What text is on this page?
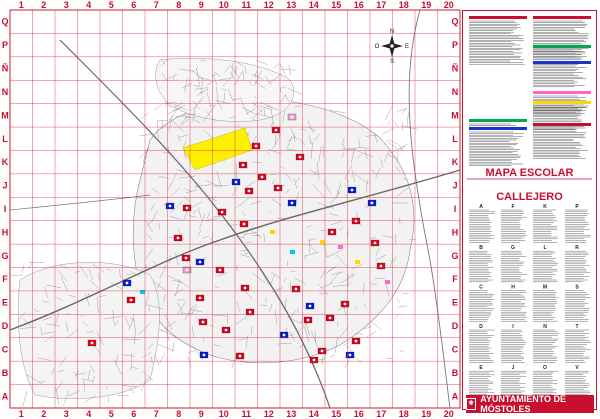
1
1
2
2
3
3
4
4
5
5
6
6
7
7
8
8
9
9
10
10
11
11
12
12
13
13
14
14
15
15
16
16
17
17
18
18
19
19
20
20
Q	Q
P	P
Ñ	Ñ
N	N
M	M
L	L
K	K
J	J
I	I
H	H
G	G
F	F
E	E
D	D
C	C
B	B
A	A
N
S
E
O
A
B
C
D
E
F
G
H
I
J
K
L
M
N
O
P
R
S
T
V
MAPA ESCOLAR
CALLEJERO
⚜ AYUNTAMIENTO DE MÓSTOLES
